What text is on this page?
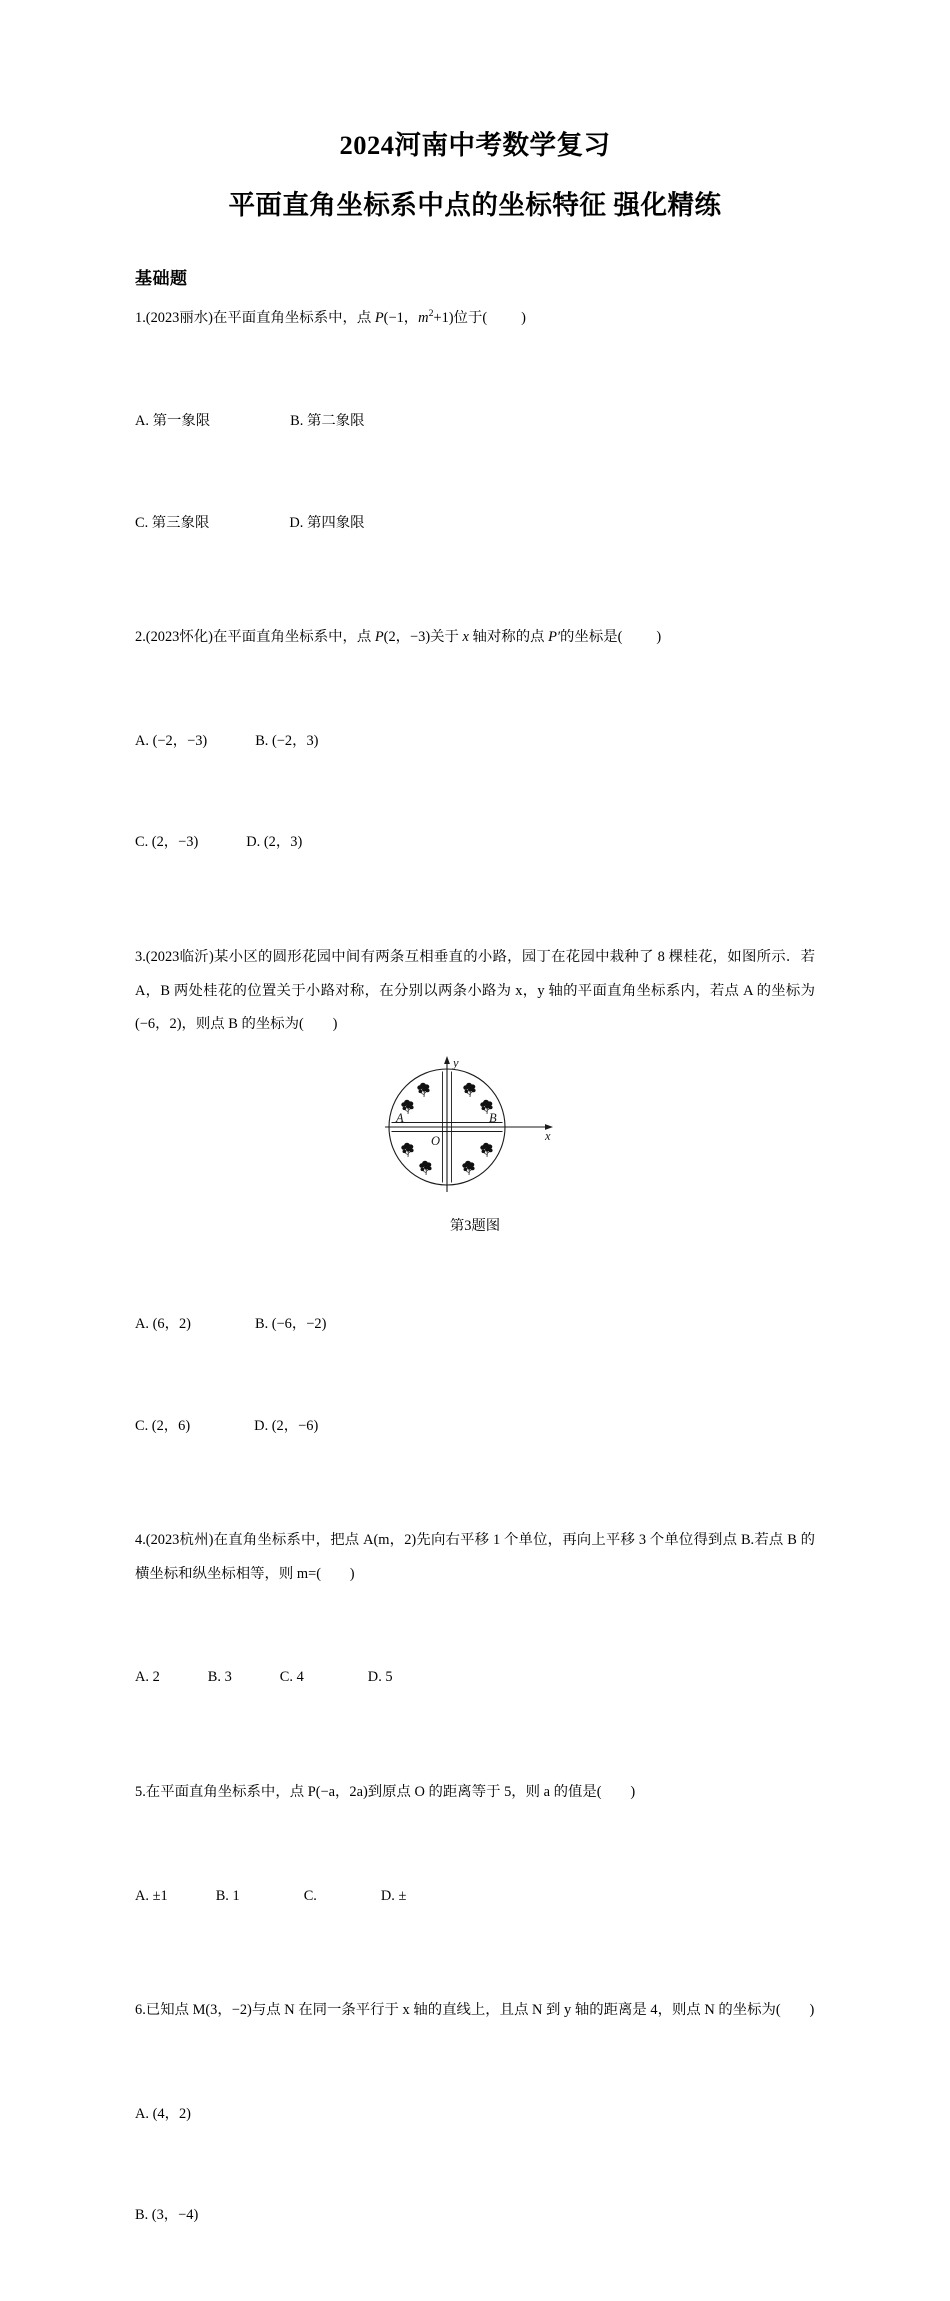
2024河南中考数学复习
平面直角坐标系中点的坐标特征 强化精练
基础题
1.(2023丽水)在平面直角坐标系中，点 P(−1，$m^2+1$)位于( )

A. 第一象限	B. 第二象限

C. 第三象限	D. 第四象限

2.(2023怀化)在平面直角坐标系中，点 P(2，−3)关于 x 轴对称的点 P′的坐标是( )

A. (−2，−3)	B. (−2，3)

C. (2，−3)	D. (2，3)

3.(2023临沂)某小区的圆形花园中间有两条互相垂直的小路，园丁在花园中栽种了 8 棵桂花，如图所示．若 A，B 两处桂花的位置关于小路对称，在分别以两条小路为 x，y 轴的平面直角坐标系内，若点 A 的坐标为(−6，2)，则点 B 的坐标为(　　)
y
x
A	B
O
第3题图

A. (6，2)	B. (−6，−2)

C. (2，6)	D. (2，−6)

4.(2023杭州)在直角坐标系中，把点 A(m，2)先向右平移 1 个单位，再向上平移 3 个单位得到点 B.若点 B 的横坐标和纵坐标相等，则 m=(　　)

A. 2	B. 3	C. 4	D. 5

5.在平面直角坐标系中，点 P(−a，2a)到原点 O 的距离等于 5，则 a 的值是(　　)

A. ±1	B. 1	C.	D. ±

6.已知点 M(3，−2)与点 N 在同一条平行于 x 轴的直线上，且点 N 到 y 轴的距离是 4，则点 N 的坐标为(　　)

A. (4，2)

B. (3，−4)
